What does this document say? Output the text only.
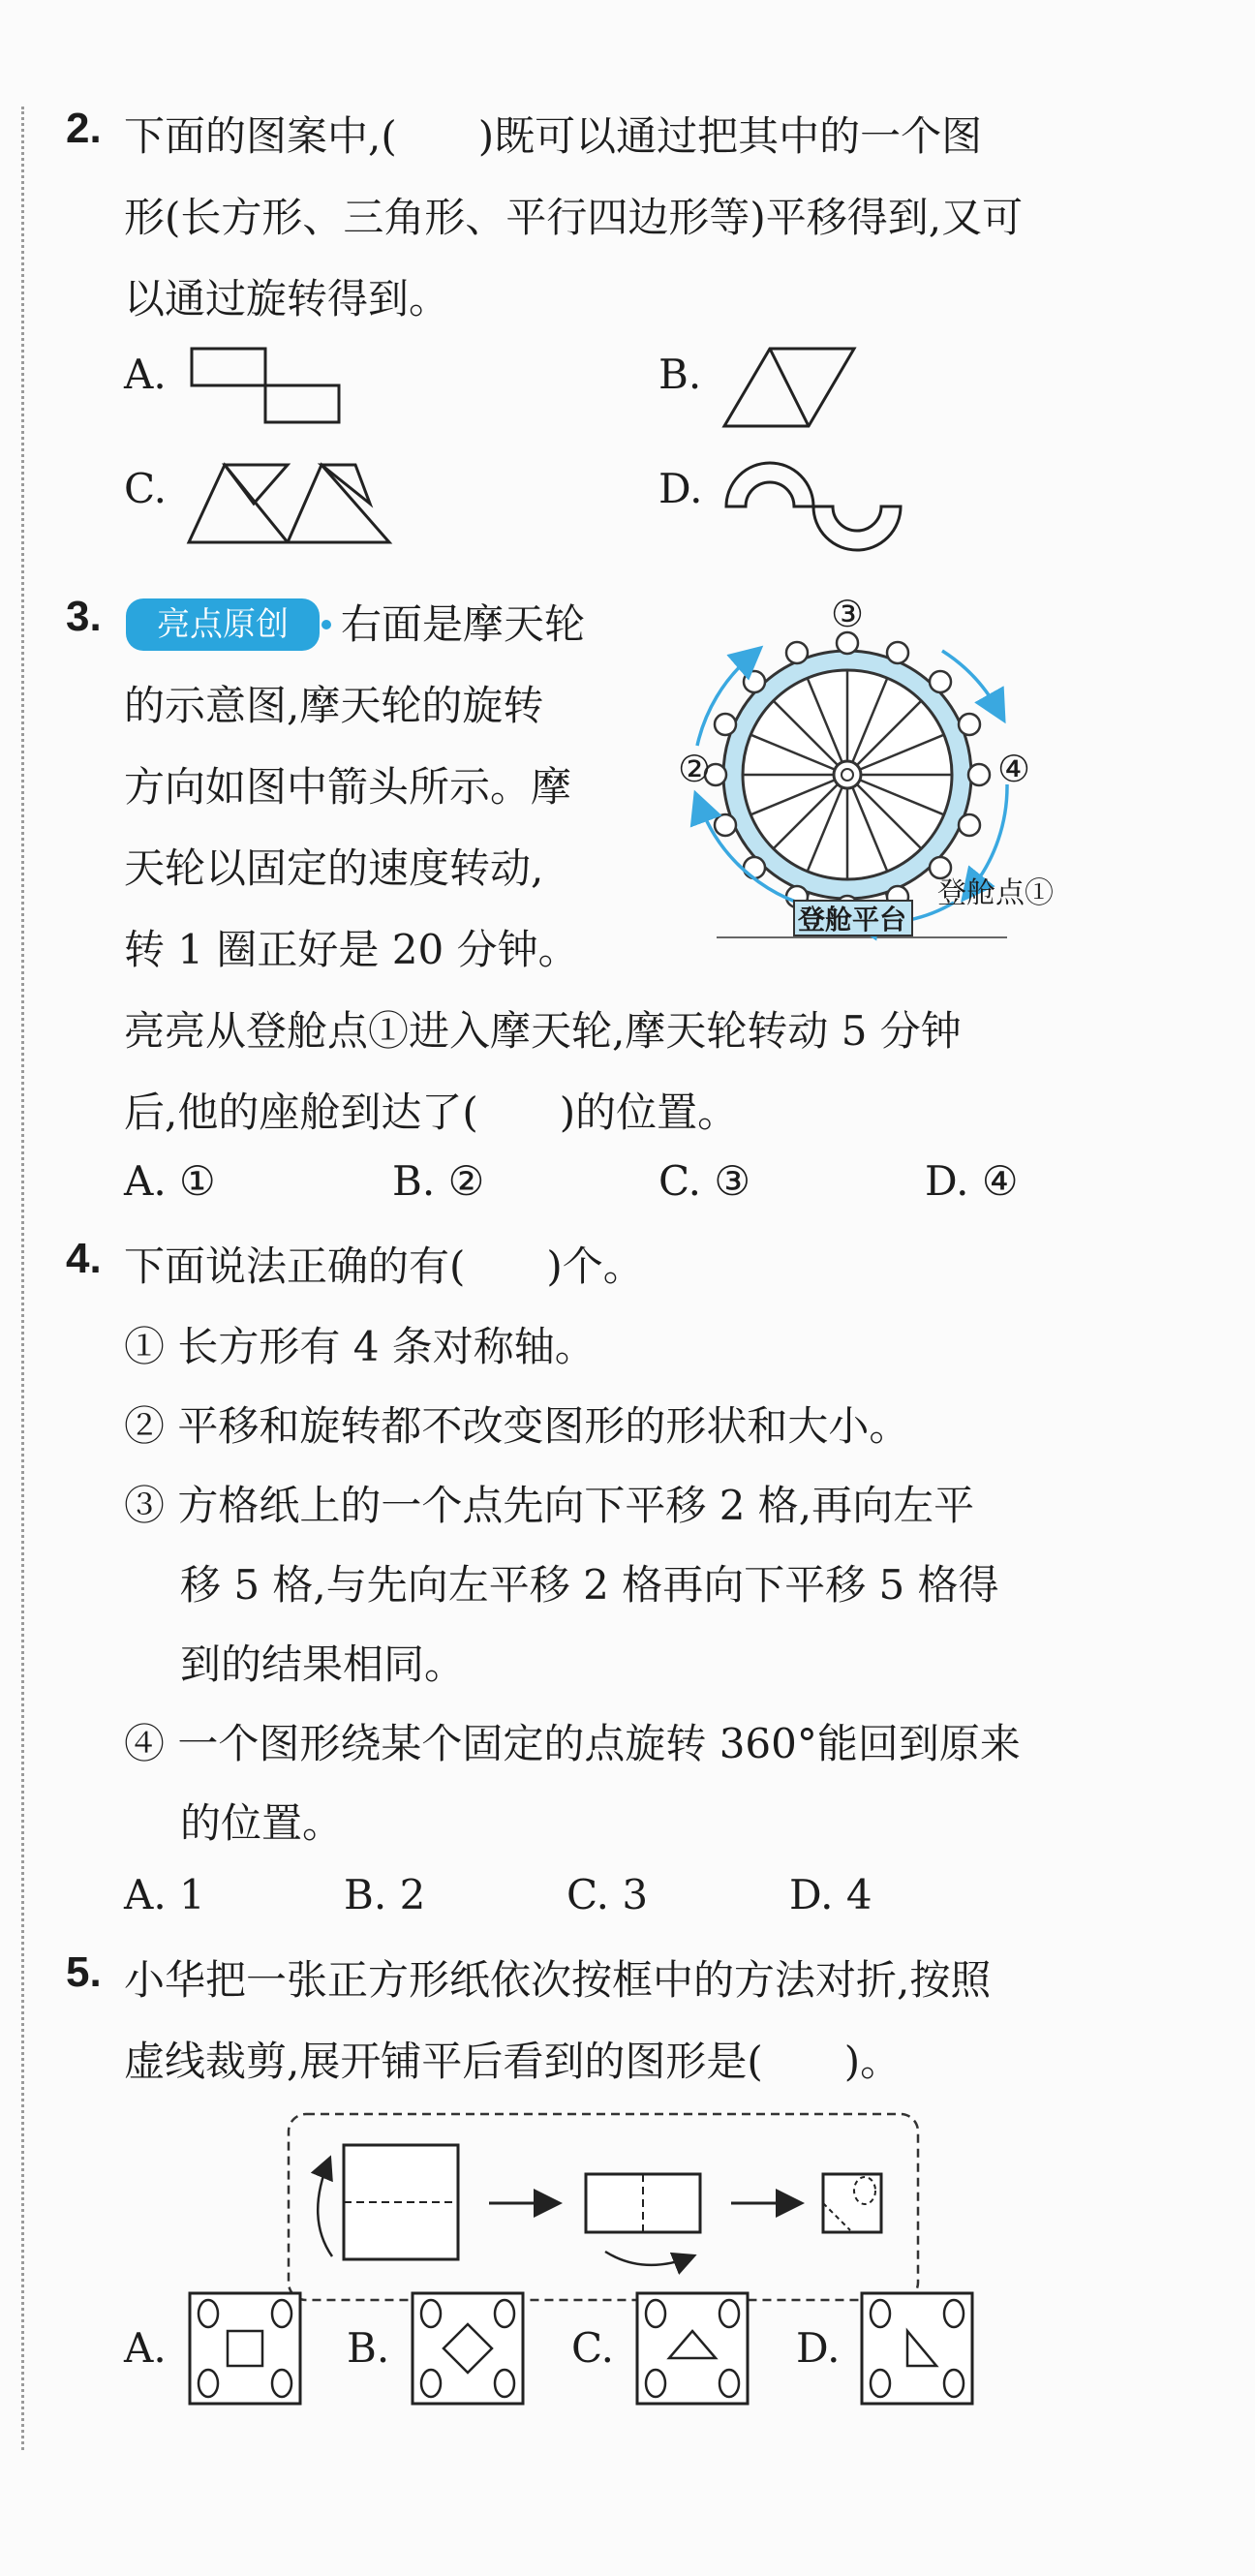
2. 下面的图案中,(　　)既可以通过把其中的一个图
形(长方形、三角形、平行四边形等)平移得到,又可
以通过旋转得到。
A.	B.
C.	D.
3.	亮点原创	右面是摩天轮
的示意图,摩天轮的旋转
方向如图中箭头所示。摩
天轮以固定的速度转动,
转 1 圈正好是 20 分钟。
亮亮从登舱点①进入摩天轮,摩天轮转动 5 分钟
后,他的座舱到达了(　　)的位置。
③
②	④
登舱点①
登舱平台
A. ①	B. ②	C. ③	D. ④
4. 下面说法正确的有(　　)个。
① 长方形有 4 条对称轴。
② 平移和旋转都不改变图形的形状和大小。
③ 方格纸上的一个点先向下平移 2 格,再向左平
移 5 格,与先向左平移 2 格再向下平移 5 格得
到的结果相同。
④ 一个图形绕某个固定的点旋转 360°能回到原来
的位置。
A. 1	B. 2	C. 3	D. 4
5. 小华把一张正方形纸依次按框中的方法对折,按照
虚线裁剪,展开铺平后看到的图形是(　　)。
A.	B.	C.	D.
